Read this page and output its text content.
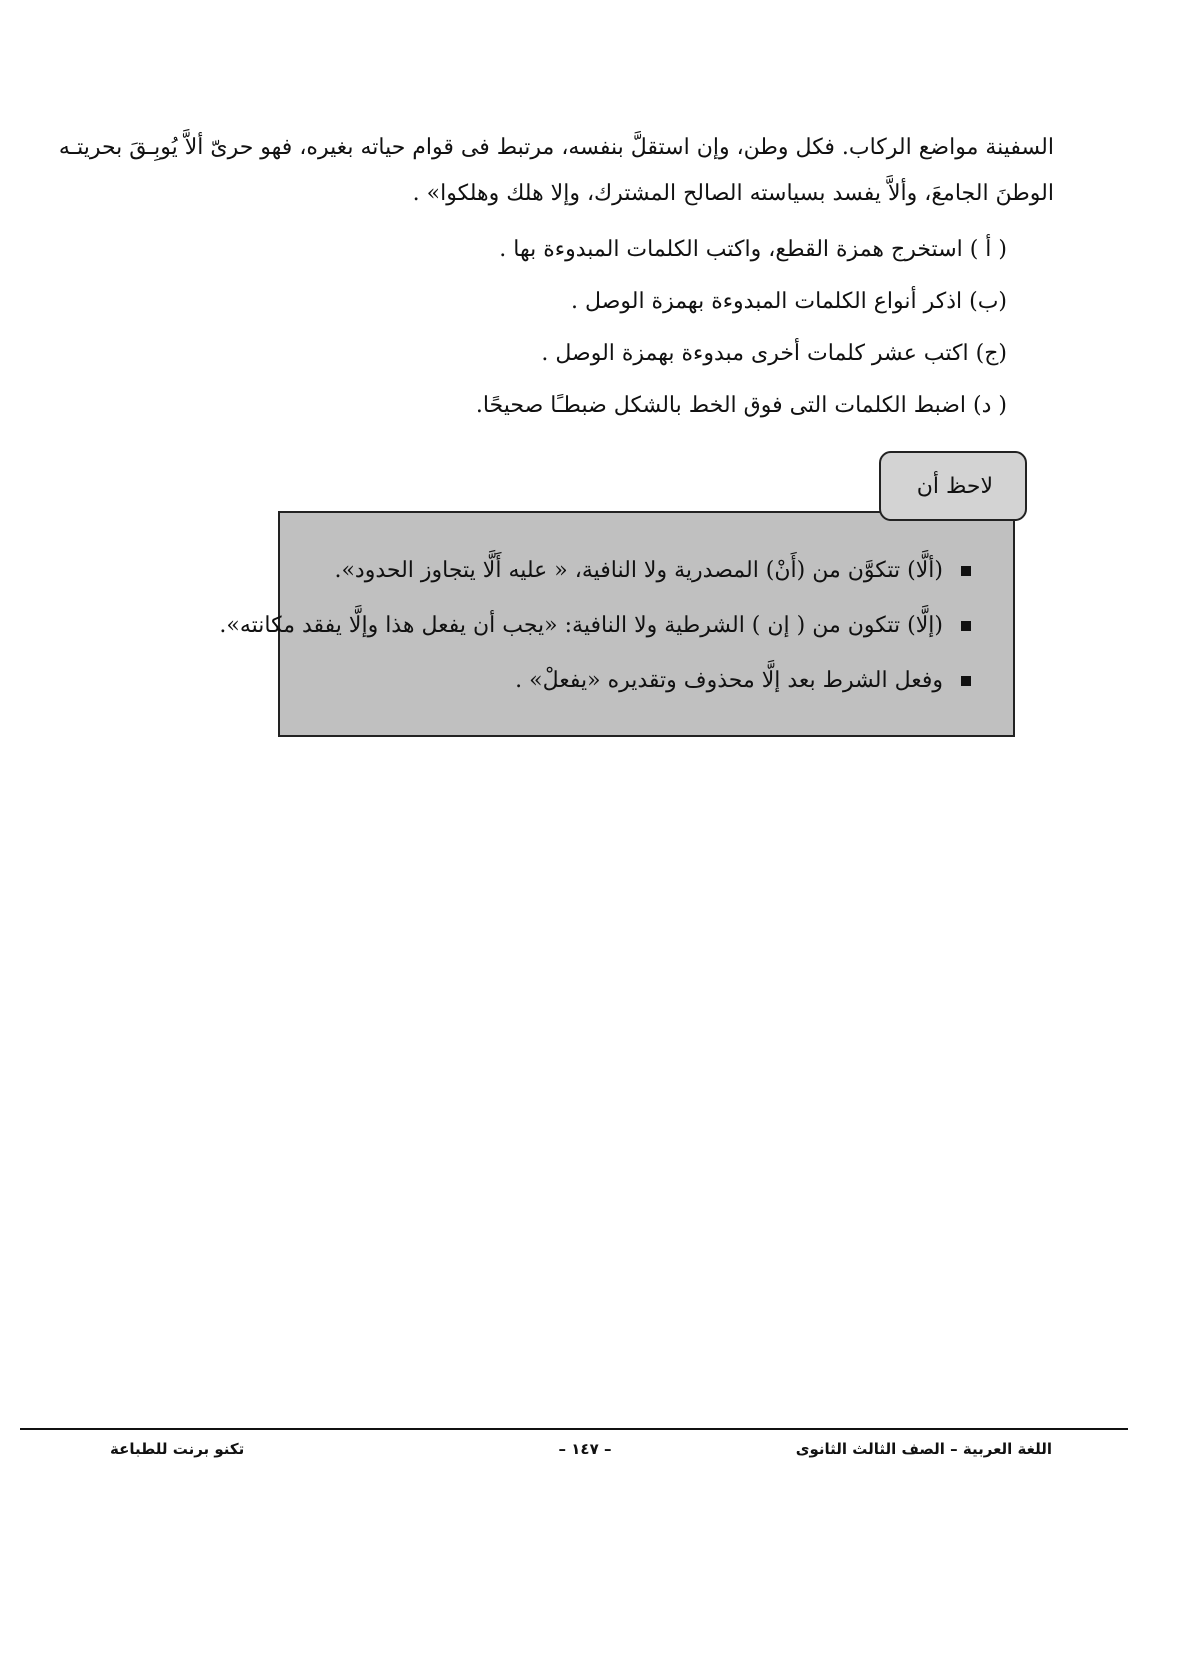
السفينة مواضع الركاب. فكل وطن، وإن استقلَّ بنفسه، مرتبط فى قوام حياته بغيره، فهو حرىّ ألاَّ يُوبِـقَ بحريتـه
الوطنَ الجامعَ، وألاَّ يفسد بسياسته الصالح المشترك، وإلا هلك وهلكوا» .
( أ ) استخرج همزة القطع، واكتب الكلمات المبدوءة بها .
(ب) اذكر أنواع الكلمات المبدوءة بهمزة الوصل .
(ج) اكتب عشر كلمات أخرى مبدوءة بهمزة الوصل .
( د) اضبط الكلمات التى فوق الخط بالشكل ضبطـًا صحيحًا.
لاحظ أن
(ألَّا) تتكوَّن من (أَنْ) المصدرية ولا النافية، « عليه أَلَّا يتجاوز الحدود».
(إلَّا) تتكون من ( إن ) الشرطية ولا النافية: «يجب أن يفعل هذا وإلَّا يفقد مكانته».
وفعل الشرط بعد إلَّا محذوف وتقديره «يفعلْ» .
اللغة العربية – الصف الثالث الثانوى
– ١٤٧ –
تكنو برنت للطباعة
